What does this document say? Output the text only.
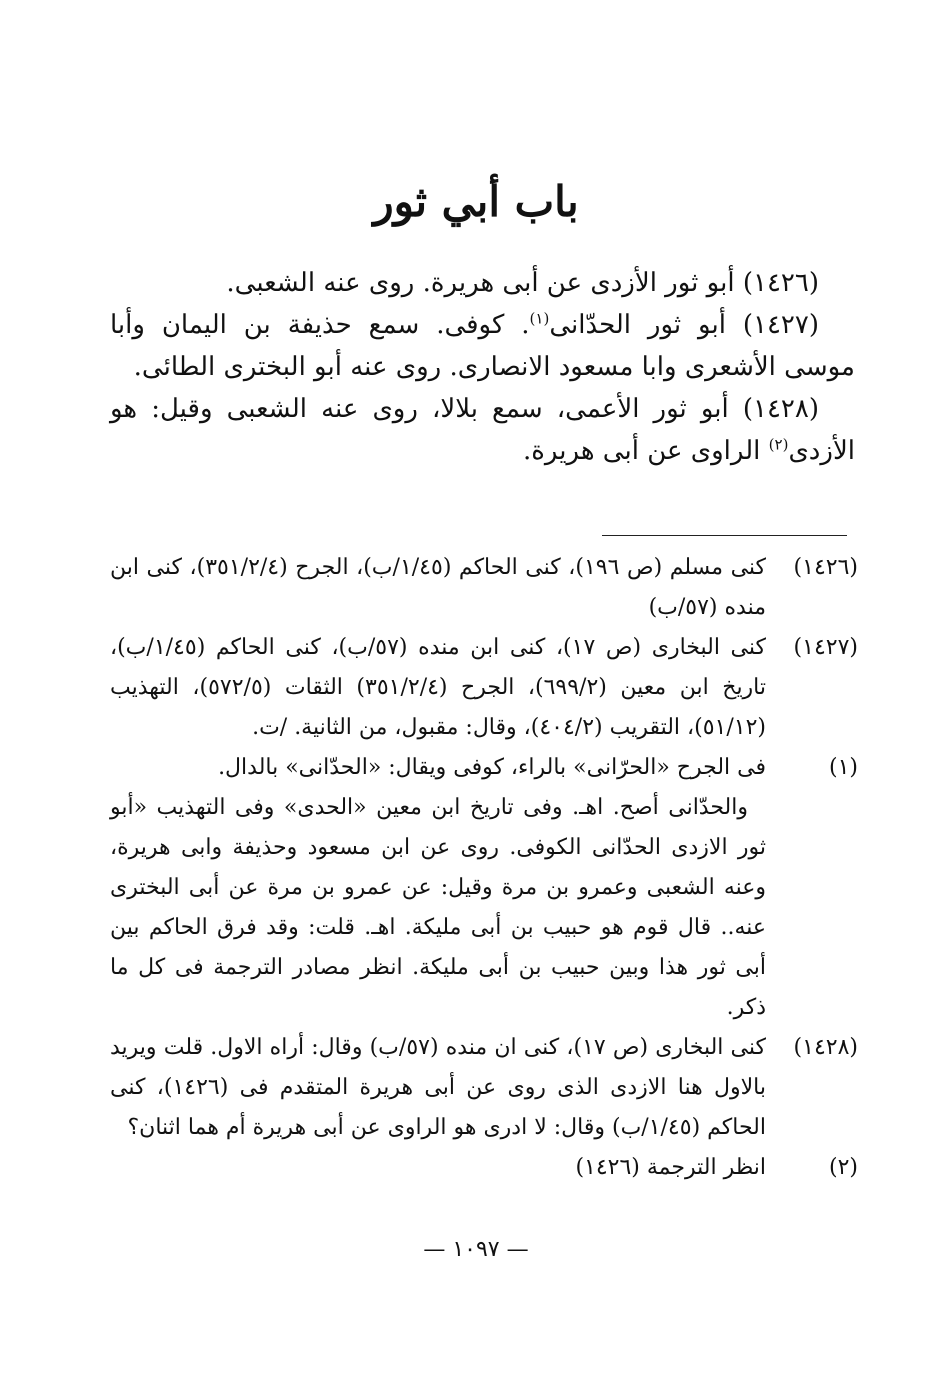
باب أبي ثور

(١٤٢٦) أبو ثور الأزدى عن أبى هريرة. روى عنه الشعبى.

(١٤٢٧) أبو ثور الحدّانى$^{(١)}$. كوفى. سمع حذيفة بن اليمان وأبا موسى الأشعرى وابا مسعود الانصارى. روى عنه أبو البخترى الطائى.

(١٤٢٨) أبو ثور الأعمى، سمع بلالا، روى عنه الشعبى وقيل: هو الأزدى$^{(٢)}$ الراوى عن أبى هريرة.

(١٤٢٦)

كنى مسلم (ص ١٩٦)، كنى الحاكم (١/٤٥/ب)، الجرح (٣٥١/٢/٤)، كنى ابن منده (٥٧/ب)

(١٤٢٧)

كنى البخارى (ص ١٧)، كنى ابن منده (٥٧/ب)، كنى الحاكم (١/٤٥/ب)، تاريخ ابن معين (٦٩٩/٢)، الجرح (٣٥١/٢/٤) الثقات (٥٧٢/٥)، التهذيب (٥١/١٢)، التقريب (٤٠٤/٢)، وقال: مقبول، من الثانية. /ت.

(١)

فى الجرح «الحرّانى» بالراء، كوفى ويقال: «الحدّانى» بالدال.

والحدّانى أصح. اهـ. وفى تاريخ ابن معين «الحدى» وفى التهذيب «أبو ثور الازدى الحدّانى الكوفى. روى عن ابن مسعود وحذيفة وابى هريرة، وعنه الشعبى وعمرو بن مرة وقيل: عن عمرو بن مرة عن أبى البخترى عنه.. قال قوم هو حبيب بن أبى مليكة. اهـ. قلت: وقد فرق الحاكم بين أبى ثور هذا وبين حبيب بن أبى مليكة. انظر مصادر الترجمة فى كل ما ذكر.

(١٤٢٨)

كنى البخارى (ص ١٧)، كنى ان منده (٥٧/ب) وقال: أراه الاول. قلت ويريد بالاول هنا الازدى الذى روى عن أبى هريرة المتقدم فى (١٤٢٦)، كنى الحاكم (١/٤٥/ب) وقال: لا ادرى هو الراوى عن أبى هريرة أم هما اثنان؟

(٢)

انظر الترجمة (١٤٢٦)

— ١٠٩٧ —
